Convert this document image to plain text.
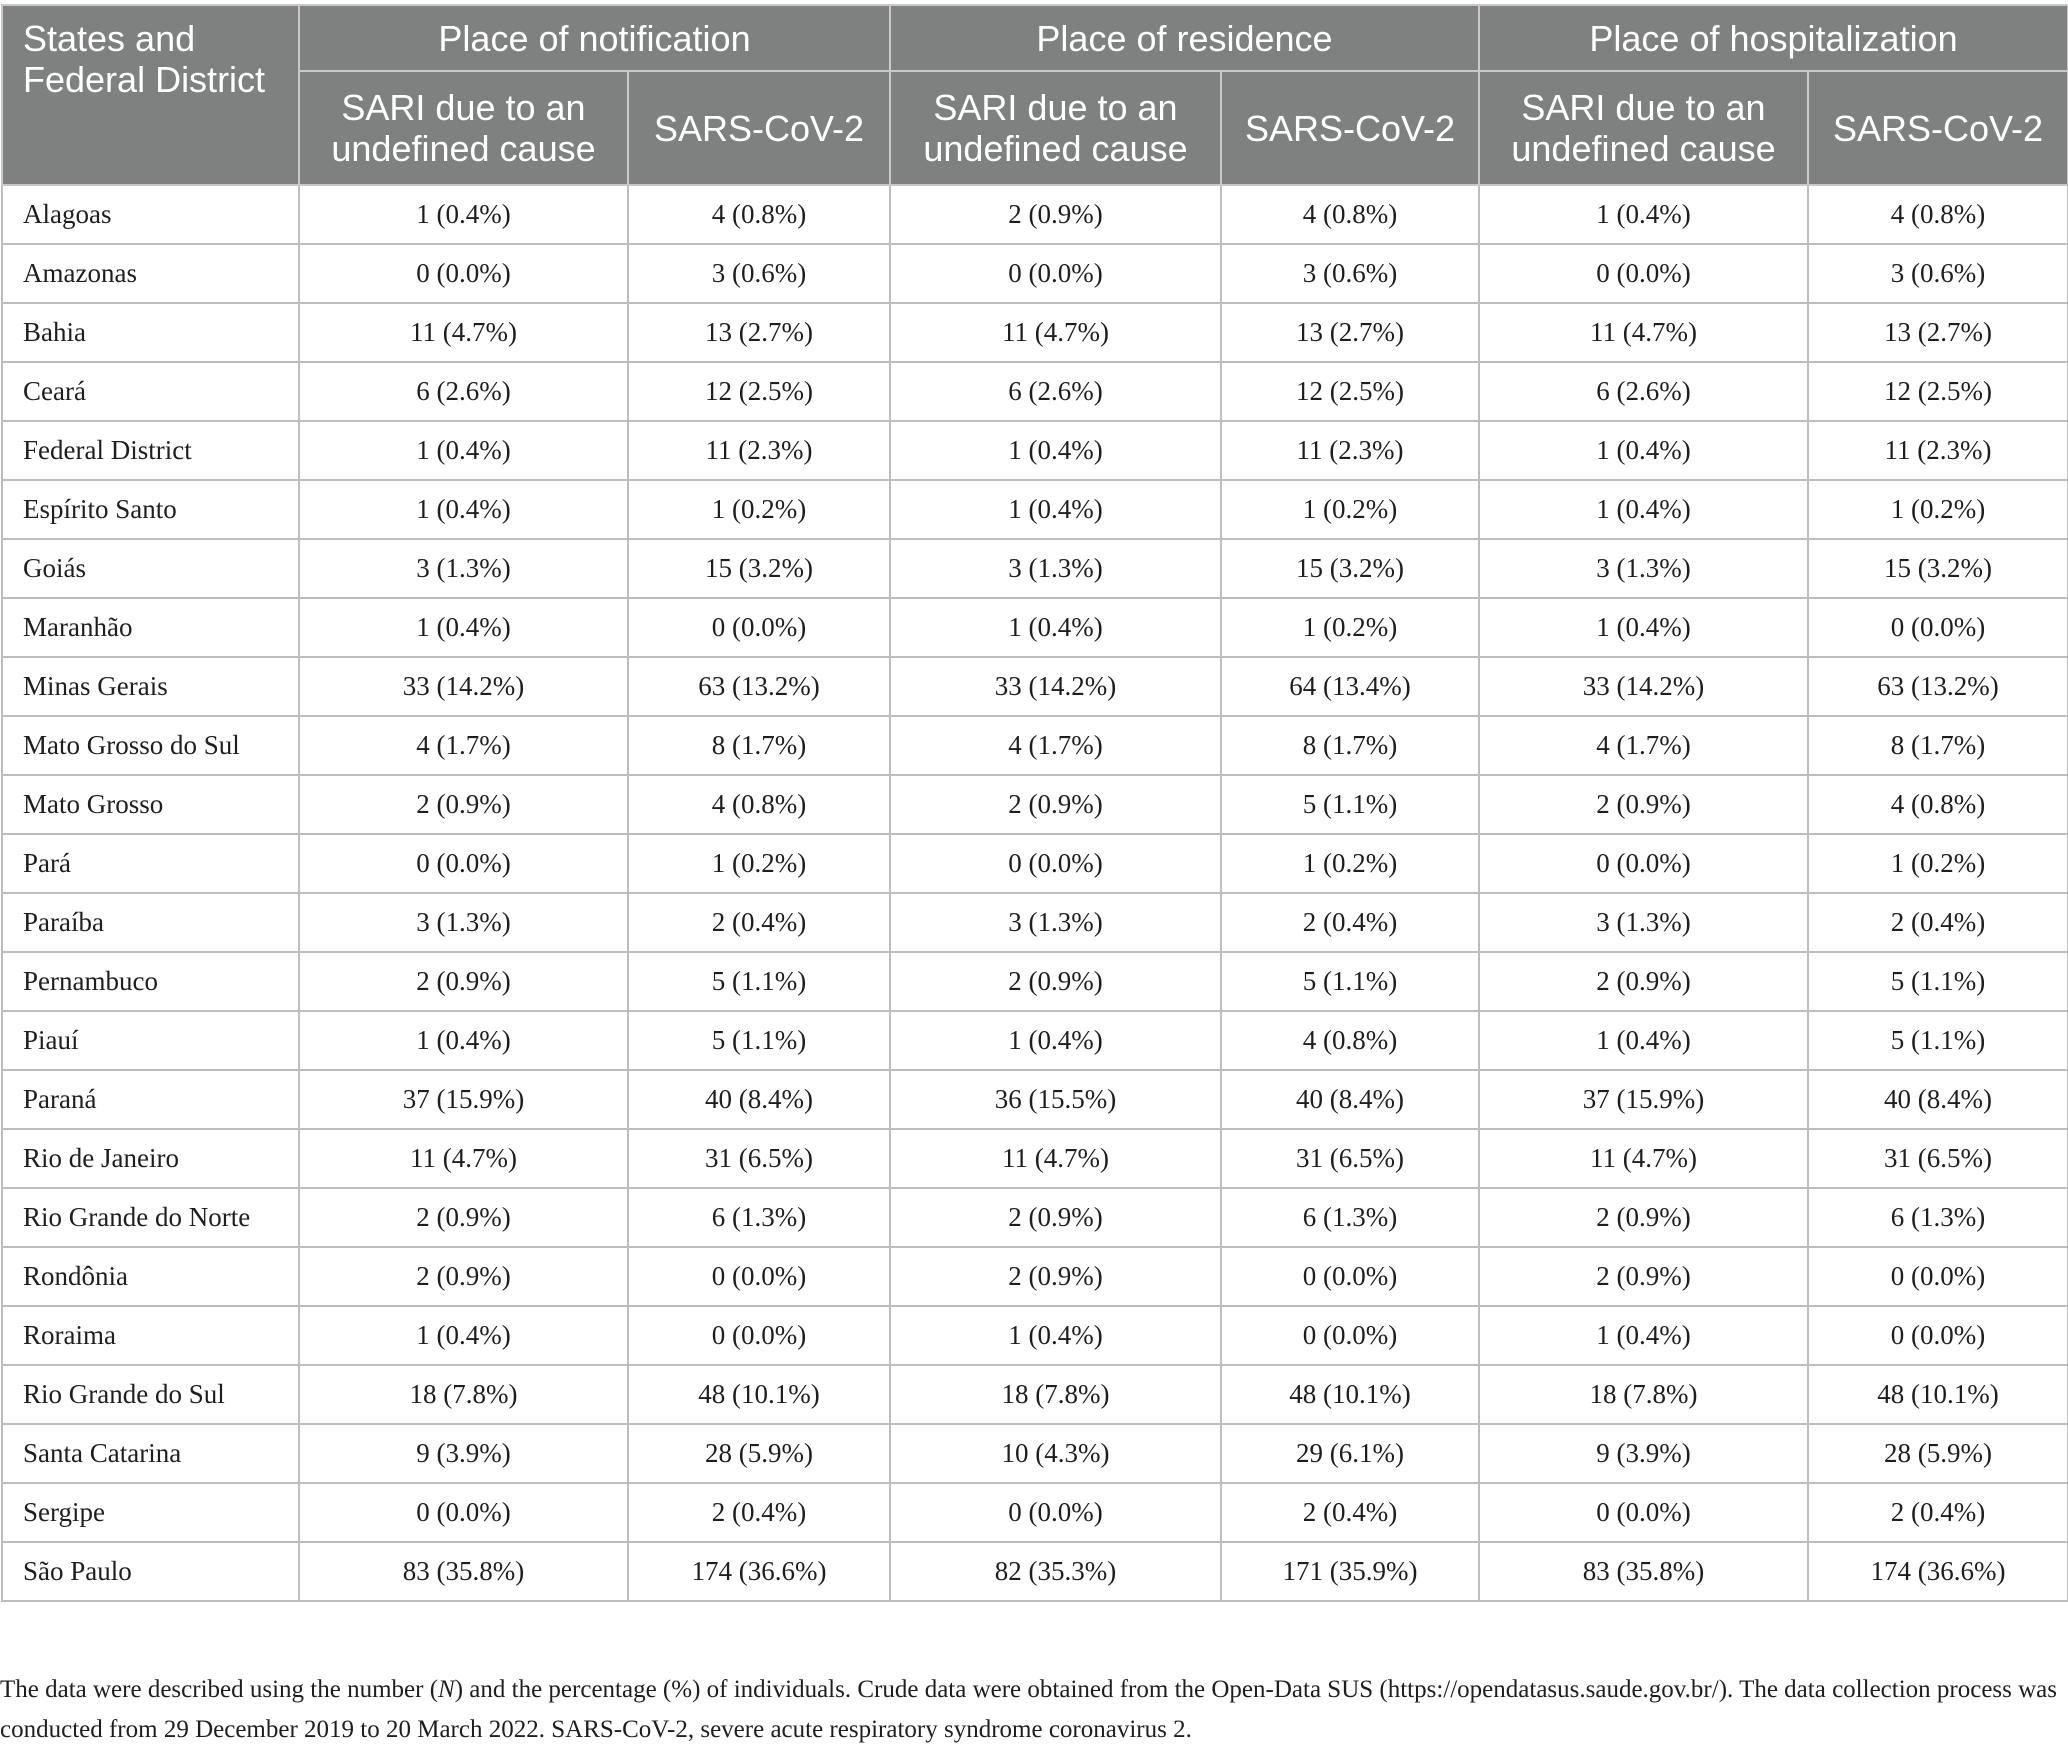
States and Federal District	Place of notification		Place of residence		Place of hospitalization	
	SARI due to an undefined cause	SARS-CoV-2	SARI due to an undefined cause	SARS-CoV-2	SARI due to an undefined cause	SARS-CoV-2
Alagoas	1 (0.4%)	4 (0.8%)	2 (0.9%)	4 (0.8%)	1 (0.4%)	4 (0.8%)
Amazonas	0 (0.0%)	3 (0.6%)	0 (0.0%)	3 (0.6%)	0 (0.0%)	3 (0.6%)
Bahia	11 (4.7%)	13 (2.7%)	11 (4.7%)	13 (2.7%)	11 (4.7%)	13 (2.7%)
Ceará	6 (2.6%)	12 (2.5%)	6 (2.6%)	12 (2.5%)	6 (2.6%)	12 (2.5%)
Federal District	1 (0.4%)	11 (2.3%)	1 (0.4%)	11 (2.3%)	1 (0.4%)	11 (2.3%)
Espírito Santo	1 (0.4%)	1 (0.2%)	1 (0.4%)	1 (0.2%)	1 (0.4%)	1 (0.2%)
Goiás	3 (1.3%)	15 (3.2%)	3 (1.3%)	15 (3.2%)	3 (1.3%)	15 (3.2%)
Maranhão	1 (0.4%)	0 (0.0%)	1 (0.4%)	1 (0.2%)	1 (0.4%)	0 (0.0%)
Minas Gerais	33 (14.2%)	63 (13.2%)	33 (14.2%)	64 (13.4%)	33 (14.2%)	63 (13.2%)
Mato Grosso do Sul	4 (1.7%)	8 (1.7%)	4 (1.7%)	8 (1.7%)	4 (1.7%)	8 (1.7%)
Mato Grosso	2 (0.9%)	4 (0.8%)	2 (0.9%)	5 (1.1%)	2 (0.9%)	4 (0.8%)
Pará	0 (0.0%)	1 (0.2%)	0 (0.0%)	1 (0.2%)	0 (0.0%)	1 (0.2%)
Paraíba	3 (1.3%)	2 (0.4%)	3 (1.3%)	2 (0.4%)	3 (1.3%)	2 (0.4%)
Pernambuco	2 (0.9%)	5 (1.1%)	2 (0.9%)	5 (1.1%)	2 (0.9%)	5 (1.1%)
Piauí	1 (0.4%)	5 (1.1%)	1 (0.4%)	4 (0.8%)	1 (0.4%)	5 (1.1%)
Paraná	37 (15.9%)	40 (8.4%)	36 (15.5%)	40 (8.4%)	37 (15.9%)	40 (8.4%)
Rio de Janeiro	11 (4.7%)	31 (6.5%)	11 (4.7%)	31 (6.5%)	11 (4.7%)	31 (6.5%)
Rio Grande do Norte	2 (0.9%)	6 (1.3%)	2 (0.9%)	6 (1.3%)	2 (0.9%)	6 (1.3%)
Rondônia	2 (0.9%)	0 (0.0%)	2 (0.9%)	0 (0.0%)	2 (0.9%)	0 (0.0%)
Roraima	1 (0.4%)	0 (0.0%)	1 (0.4%)	0 (0.0%)	1 (0.4%)	0 (0.0%)
Rio Grande do Sul	18 (7.8%)	48 (10.1%)	18 (7.8%)	48 (10.1%)	18 (7.8%)	48 (10.1%)
Santa Catarina	9 (3.9%)	28 (5.9%)	10 (4.3%)	29 (6.1%)	9 (3.9%)	28 (5.9%)
Sergipe	0 (0.0%)	2 (0.4%)	0 (0.0%)	2 (0.4%)	0 (0.0%)	2 (0.4%)
São Paulo	83 (35.8%)	174 (36.6%)	82 (35.3%)	171 (35.9%)	83 (35.8%)	174 (36.6%)
The data were described using the number (N) and the percentage (%) of individuals. Crude data were obtained from the Open-Data SUS (https://opendatasus.saude.gov.br/). The data collection process was conducted from 29 December 2019 to 20 March 2022. SARS-CoV-2, severe acute respiratory syndrome coronavirus 2.
